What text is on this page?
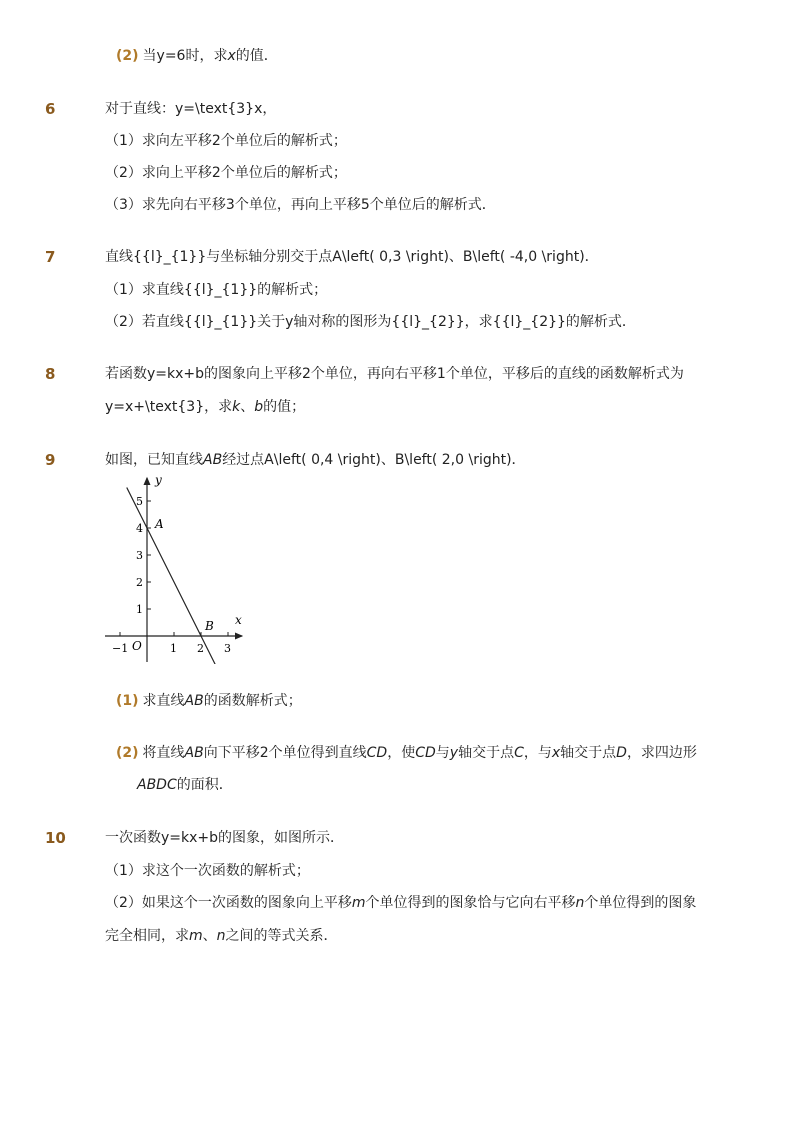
(2) 当y=6时，求x的值．
6	对于直线：y=\text{3}x，
（1）求向左平移2个单位后的解析式；
（2）求向上平移2个单位后的解析式；
（3）求先向右平移3个单位，再向上平移5个单位后的解析式．
7	直线{{l}_{1}}与坐标轴分别交于点A\left( 0,3 \right)、B\left( -4,0 \right)．
（1）求直线{{l}_{1}}的解析式；
（2）若直线{{l}_{1}}关于y轴对称的图形为{{l}_{2}}，求{{l}_{2}}的解析式．
8	若函数y=kx+b的图象向上平移2个单位，再向右平移1个单位，平移后的直线的函数解析式为
y=x+\text{3}，求k、b的值；
9	如图，已知直线AB经过点A\left( 0,4 \right)、B\left( 2,0 \right)．
x
y
O
A
B
−1	1 2 3
1
2
3
4
5
(1) 求直线AB的函数解析式；
(2) 将直线AB向下平移2个单位得到直线CD，使CD与y轴交于点C，与x轴交于点D，求四边形
ABDC的面积．
10	一次函数y=kx+b的图象，如图所示．
（1）求这个一次函数的解析式；
（2）如果这个一次函数的图象向上平移m个单位得到的图象恰与它向右平移n个单位得到的图象
完全相同，求m、n之间的等式关系．
